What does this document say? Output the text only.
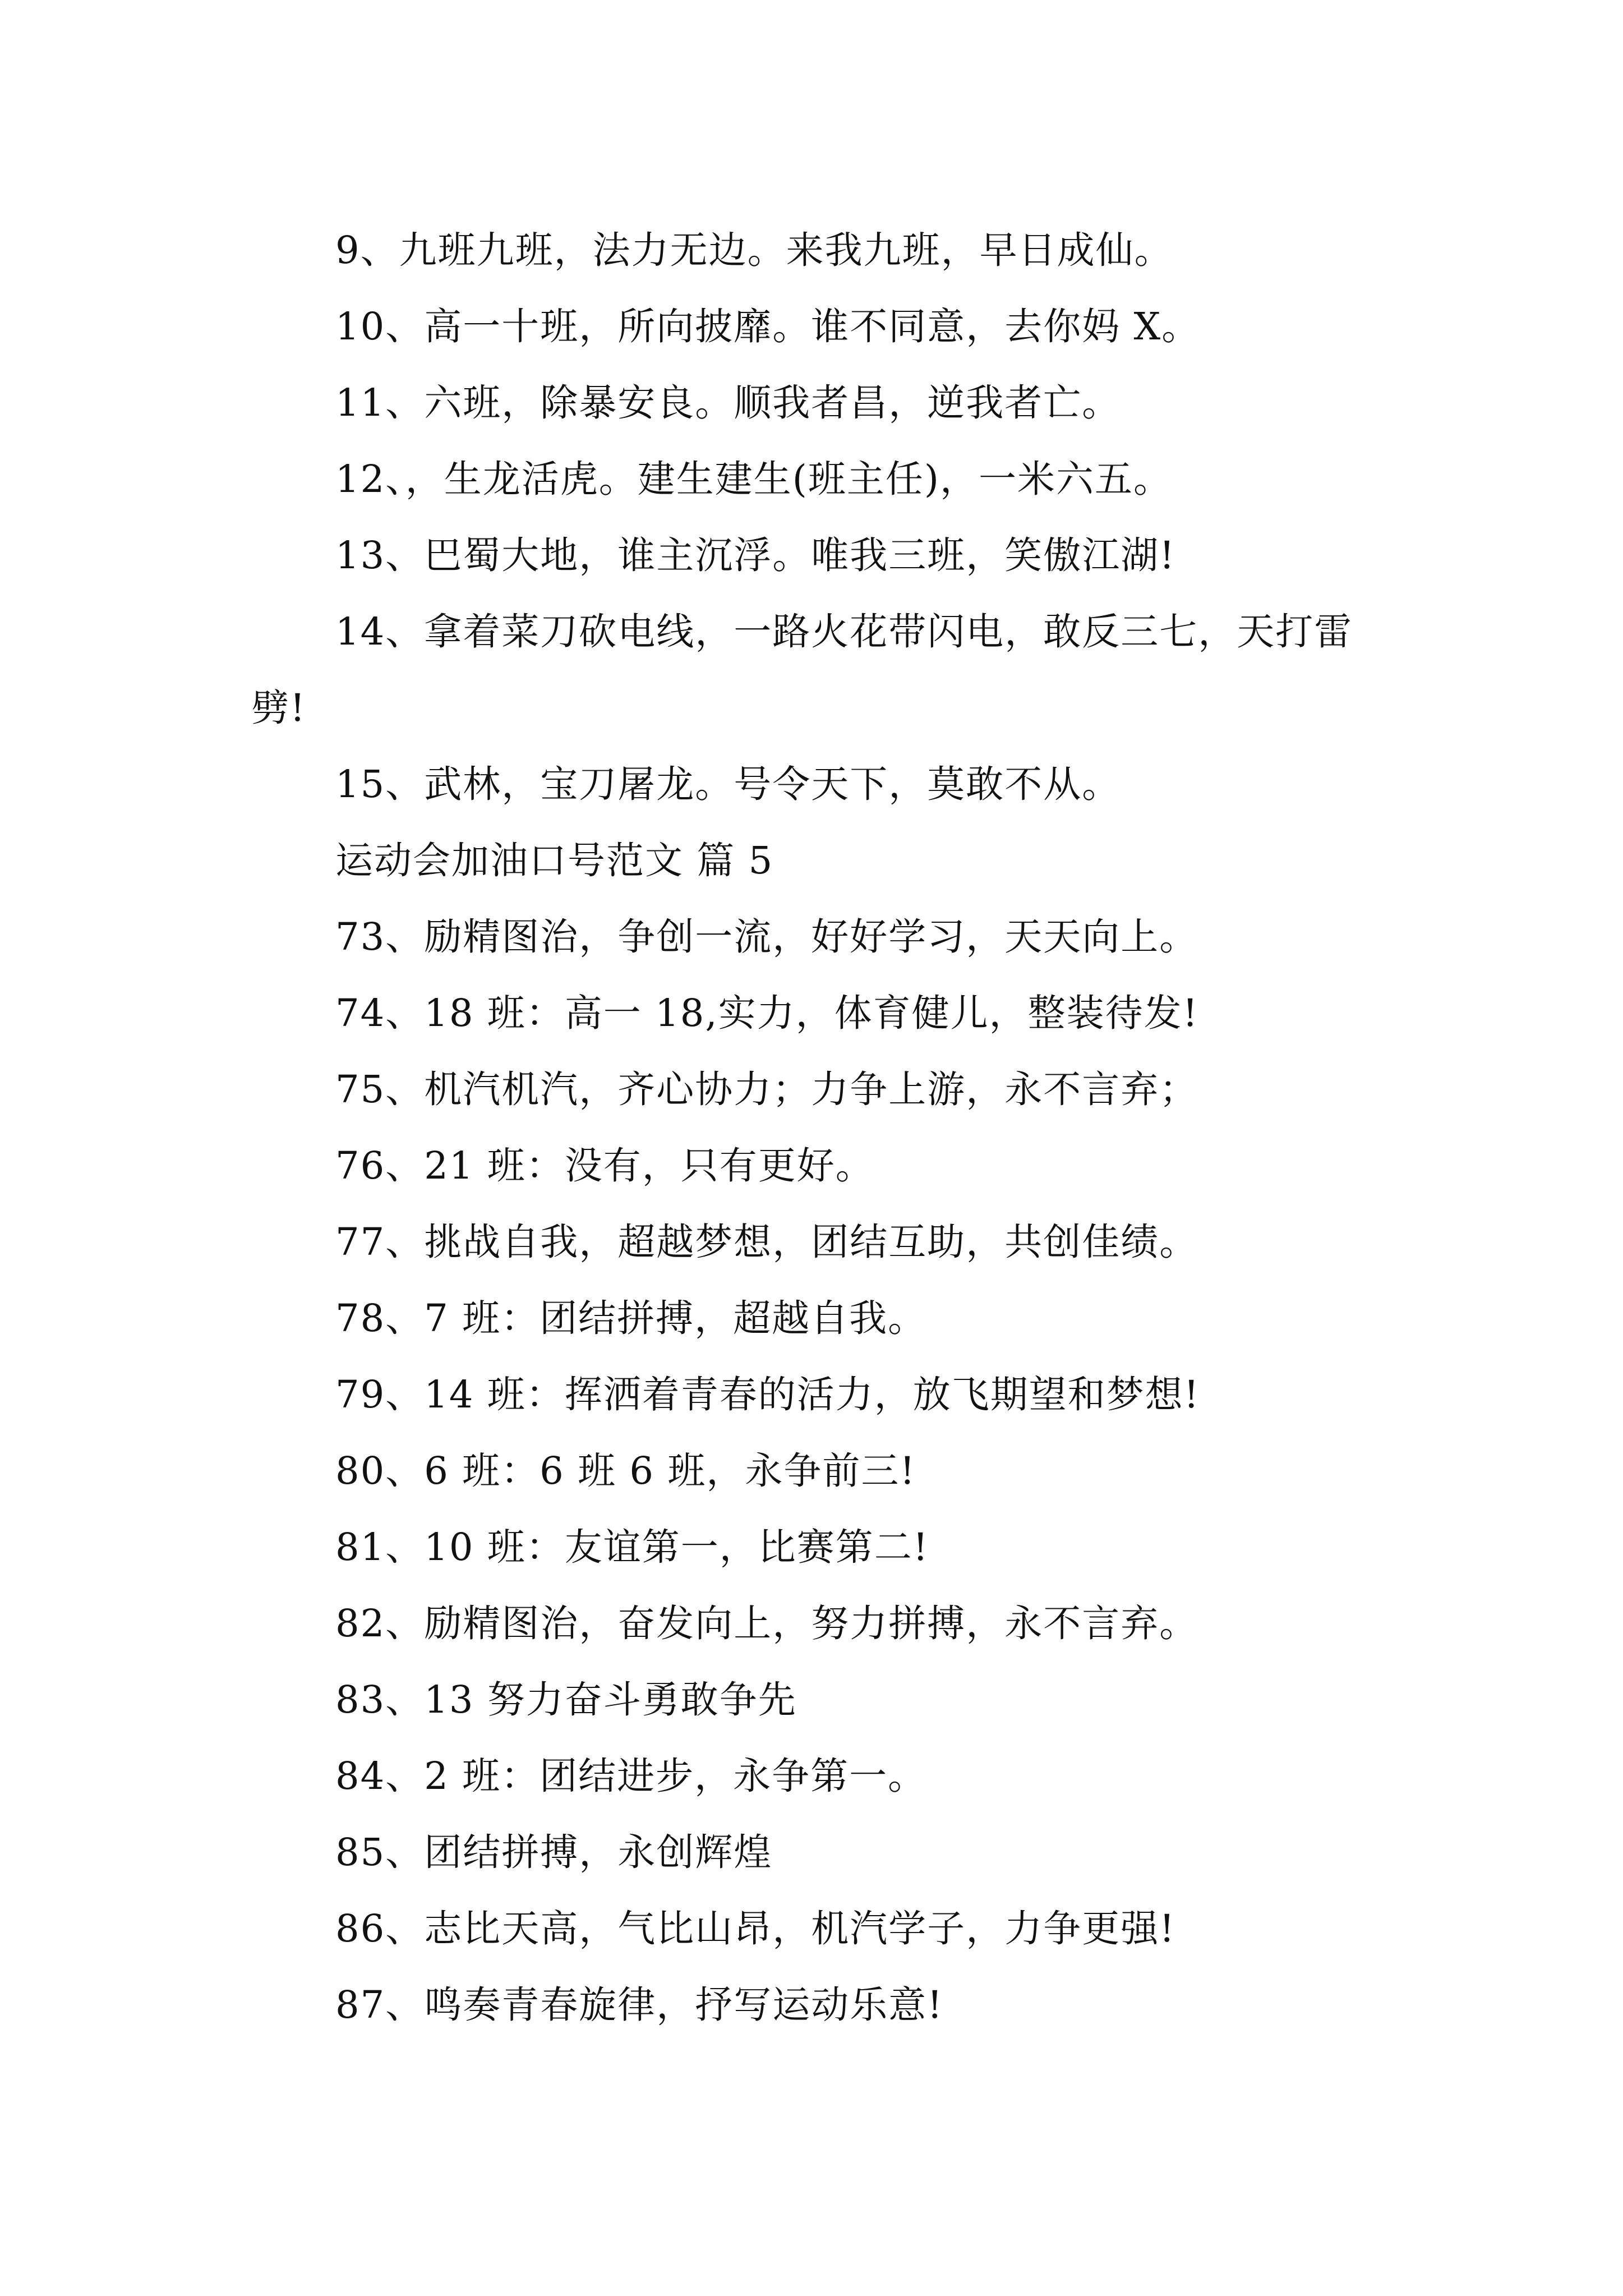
9、九班九班，法力无边。来我九班，早日成仙。

10、高一十班，所向披靡。谁不同意，去你妈 X。

11、六班，除暴安良。顺我者昌，逆我者亡。

12、，生龙活虎。建生建生(班主任)，一米六五。

13、巴蜀大地，谁主沉浮。唯我三班，笑傲江湖!

14、拿着菜刀砍电线，一路火花带闪电，敢反三七，天打雷劈!

15、武林，宝刀屠龙。号令天下，莫敢不从。

运动会加油口号范文 篇 5

73、励精图治，争创一流，好好学习，天天向上。

74、18 班：高一 18,实力，体育健儿，整装待发!

75、机汽机汽，齐心协力；力争上游，永不言弃；

76、21 班：没有，只有更好。

77、挑战自我，超越梦想，团结互助，共创佳绩。

78、7 班：团结拼搏，超越自我。

79、14 班：挥洒着青春的活力，放飞期望和梦想!

80、6 班：6 班 6 班，永争前三!

81、10 班：友谊第一，比赛第二!

82、励精图治，奋发向上，努力拼搏，永不言弃。

83、13 努力奋斗勇敢争先

84、2 班：团结进步，永争第一。

85、团结拼搏，永创辉煌

86、志比天高，气比山昂，机汽学子，力争更强!

87、鸣奏青春旋律，抒写运动乐意!
